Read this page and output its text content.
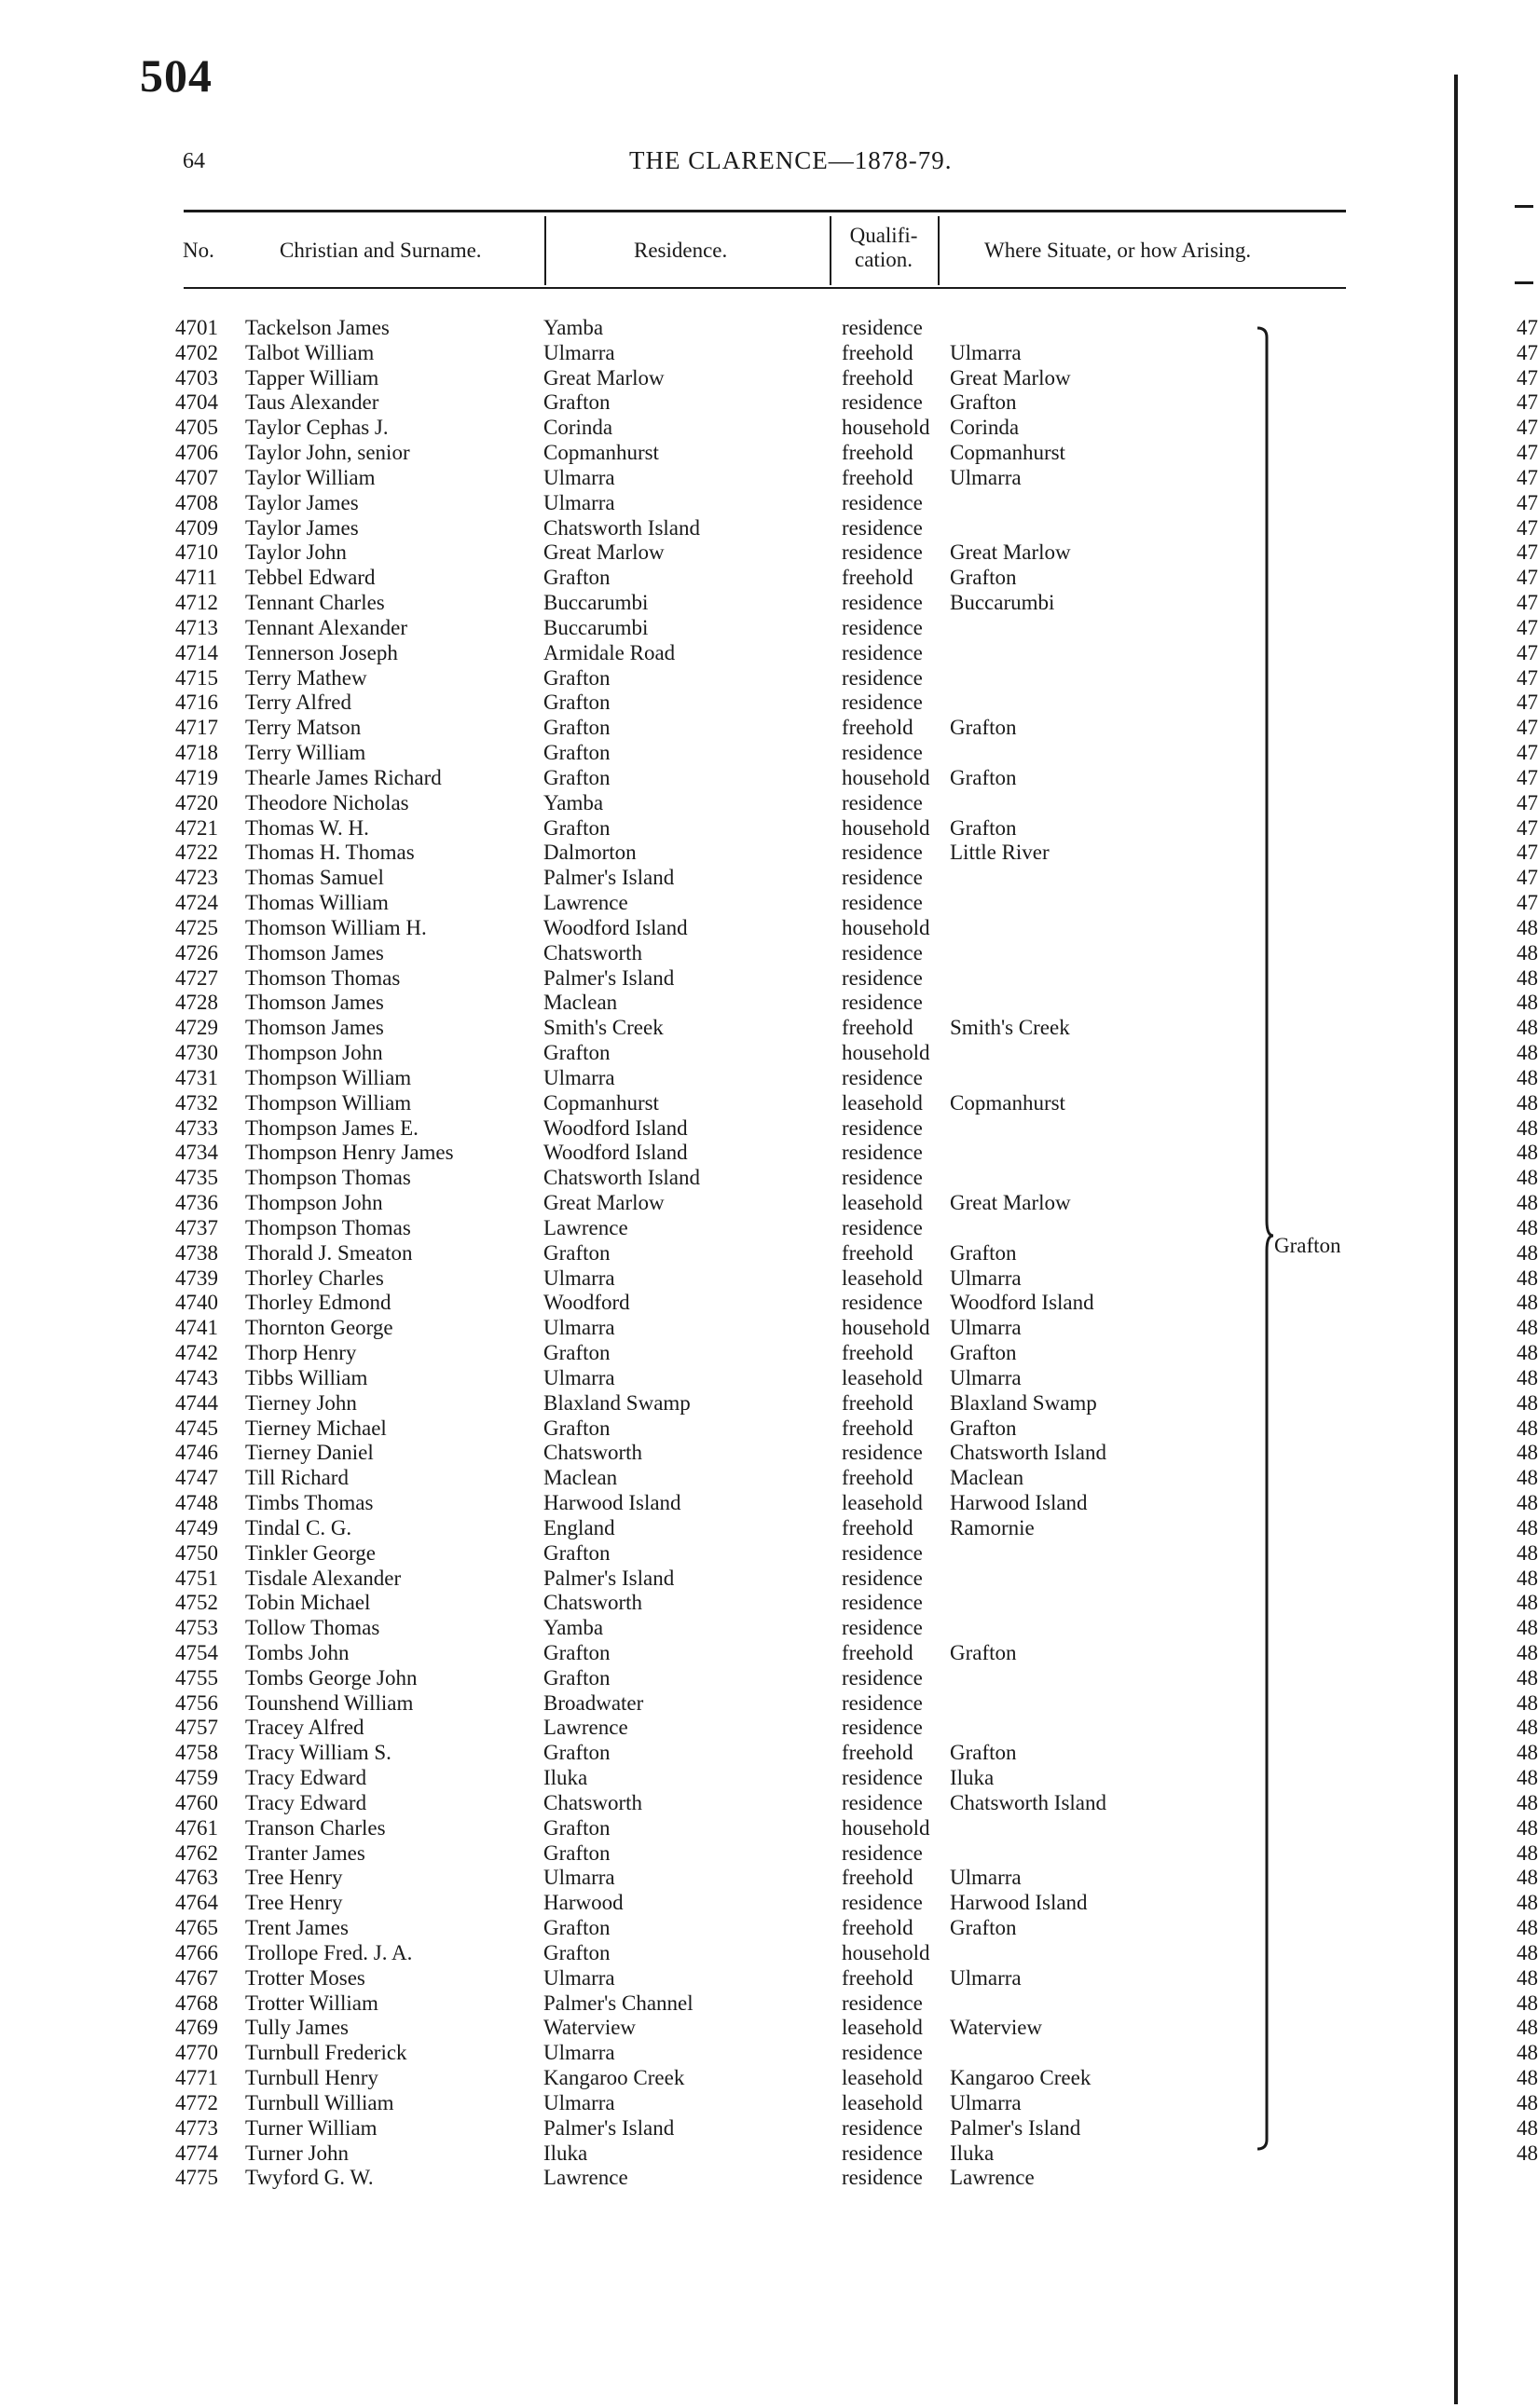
504
64	THE CLARENCE—1878-79.
No.	Christian and Surname.	Residence.
Qualifi-
cation.	Where Situate, or how Arising.
4701 Tackelson James	Yamba	residence
4702 Talbot William	Ulmarra	freehold Ulmarra
4703 Tapper William	Great Marlow	freehold Great Marlow
4704 Taus Alexander	Grafton	residence Grafton
4705 Taylor Cephas J.	Corinda	household Corinda
4706 Taylor John, senior	Copmanhurst	freehold Copmanhurst
4707 Taylor William	Ulmarra	freehold Ulmarra
4708 Taylor James	Ulmarra	residence
4709 Taylor James	Chatsworth Island	residence
4710 Taylor John	Great Marlow	residence Great Marlow
4711 Tebbel Edward	Grafton	freehold Grafton
4712 Tennant Charles	Buccarumbi	residence Buccarumbi
4713 Tennant Alexander	Buccarumbi	residence
4714 Tennerson Joseph	Armidale Road	residence
4715 Terry Mathew	Grafton	residence
4716 Terry Alfred	Grafton	residence
4717 Terry Matson	Grafton	freehold Grafton
4718 Terry William	Grafton	residence
4719 Thearle James Richard	Grafton	household Grafton
4720 Theodore Nicholas	Yamba	residence
4721 Thomas W. H.	Grafton	household Grafton
4722 Thomas H. Thomas	Dalmorton	residence Little River
4723 Thomas Samuel	Palmer's Island	residence
4724 Thomas William	Lawrence	residence
4725 Thomson William H.	Woodford Island	household
4726 Thomson James	Chatsworth	residence
4727 Thomson Thomas	Palmer's Island	residence
4728 Thomson James	Maclean	residence
4729 Thomson James	Smith's Creek	freehold Smith's Creek
4730 Thompson John	Grafton	household
4731 Thompson William	Ulmarra	residence
4732 Thompson William	Copmanhurst	leasehold Copmanhurst
4733 Thompson James E.	Woodford Island	residence
4734 Thompson Henry James	Woodford Island	residence
4735 Thompson Thomas	Chatsworth Island	residence
4736 Thompson John	Great Marlow	leasehold Great Marlow
4737 Thompson Thomas	Lawrence	residence
4738 Thorald J. Smeaton	Grafton	freehold Grafton
4739 Thorley Charles	Ulmarra	leasehold Ulmarra
4740 Thorley Edmond	Woodford	residence Woodford Island
4741 Thornton George	Ulmarra	household Ulmarra
4742 Thorp Henry	Grafton	freehold Grafton
4743 Tibbs William	Ulmarra	leasehold Ulmarra
4744 Tierney John	Blaxland Swamp	freehold Blaxland Swamp
4745 Tierney Michael	Grafton	freehold Grafton
4746 Tierney Daniel	Chatsworth	residence Chatsworth Island
4747 Till Richard	Maclean	freehold Maclean
4748 Timbs Thomas	Harwood Island	leasehold Harwood Island
4749 Tindal C. G.	England	freehold Ramornie
4750 Tinkler George	Grafton	residence
4751 Tisdale Alexander	Palmer's Island	residence
4752 Tobin Michael	Chatsworth	residence
4753 Tollow Thomas	Yamba	residence
4754 Tombs John	Grafton	freehold Grafton
4755 Tombs George John	Grafton	residence
4756 Tounshend William	Broadwater	residence
4757 Tracey Alfred	Lawrence	residence
4758 Tracy William S.	Grafton	freehold Grafton
4759 Tracy Edward	Iluka	residence Iluka
4760 Tracy Edward	Chatsworth	residence Chatsworth Island
4761 Transon Charles	Grafton	household
4762 Tranter James	Grafton	residence
4763 Tree Henry	Ulmarra	freehold Ulmarra
4764 Tree Henry	Harwood	residence Harwood Island
4765 Trent James	Grafton	freehold Grafton
4766 Trollope Fred. J. A.	Grafton	household
4767 Trotter Moses	Ulmarra	freehold Ulmarra
4768 Trotter William	Palmer's Channel	residence
4769 Tully James	Waterview	leasehold Waterview
4770 Turnbull Frederick	Ulmarra	residence
4771 Turnbull Henry	Kangaroo Creek	leasehold Kangaroo Creek
4772 Turnbull William	Ulmarra	leasehold Ulmarra
4773 Turner William	Palmer's Island	residence Palmer's Island
4774 Turner John	Iluka	residence Iluka
4775 Twyford G. W.	Lawrence	residence Lawrence
Grafton
47
47
47
47
47
47
47
47
47
47
47
47
47
47
47
47
47
47
47
47
47
47
47
47
48
48
48
48
48
48
48
48
48
48
48
48
48
48
48
48
48
48
48
48
48
48
48
48
48
48
48
48
48
48
48
48
48
48
48
48
48
48
48
48
48
48
48
48
48
48
48
48
48
48
